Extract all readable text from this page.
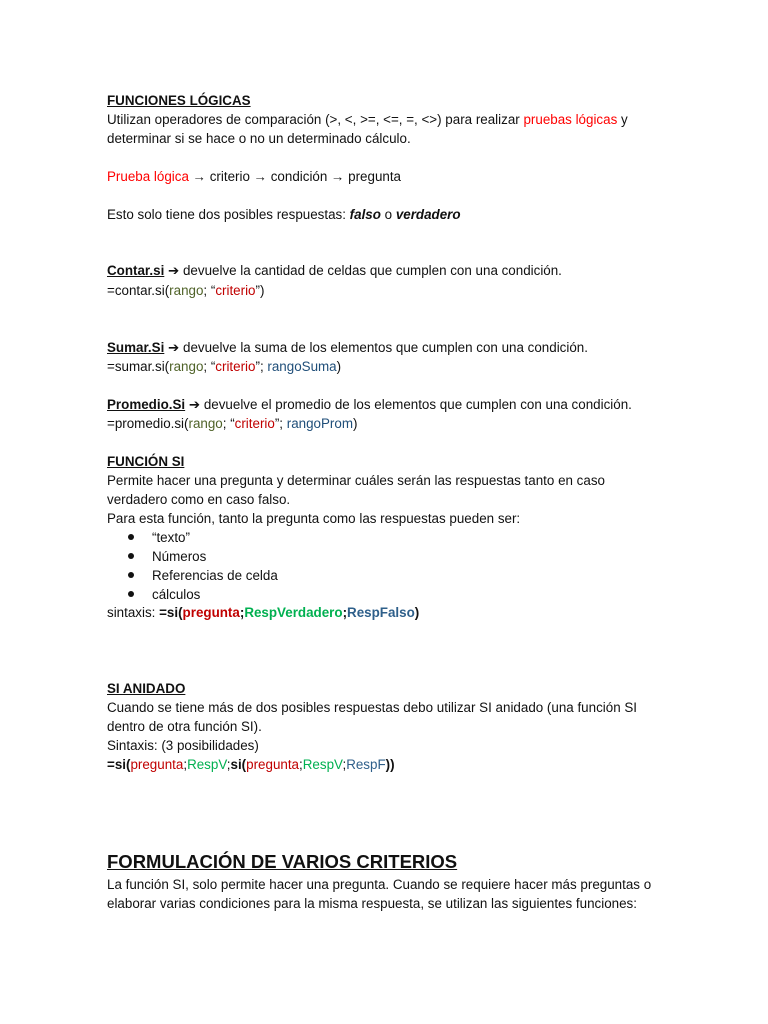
FUNCIONES LÓGICAS
Utilizan operadores de comparación (>, <, >=, <=, =, <>) para realizar pruebas lógicas y
determinar si se hace o no un determinado cálculo.
Prueba lógica → criterio → condición → pregunta
Esto solo tiene dos posibles respuestas: falso o verdadero
Contar.si ➔ devuelve la cantidad de celdas que cumplen con una condición.
=contar.si(rango; “criterio”)
Sumar.Si ➔ devuelve la suma de los elementos que cumplen con una condición.
=sumar.si(rango; “criterio”; rangoSuma)
Promedio.Si ➔ devuelve el promedio de los elementos que cumplen con una condición.
=promedio.si(rango; “criterio”; rangoProm)
FUNCIÓN SI
Permite hacer una pregunta y determinar cuáles serán las respuestas tanto en caso
verdadero como en caso falso.
Para esta función, tanto la pregunta como las respuestas pueden ser:
“texto”
Números
Referencias de celda
cálculos
sintaxis: =si(pregunta;RespVerdadero;RespFalso)
SI ANIDADO
Cuando se tiene más de dos posibles respuestas debo utilizar SI anidado (una función SI
dentro de otra función SI).
Sintaxis: (3 posibilidades)
=si(pregunta;RespV;si(pregunta;RespV;RespF))
FORMULACIÓN DE VARIOS CRITERIOS
La función SI, solo permite hacer una pregunta. Cuando se requiere hacer más preguntas o
elaborar varias condiciones para la misma respuesta, se utilizan las siguientes funciones:
